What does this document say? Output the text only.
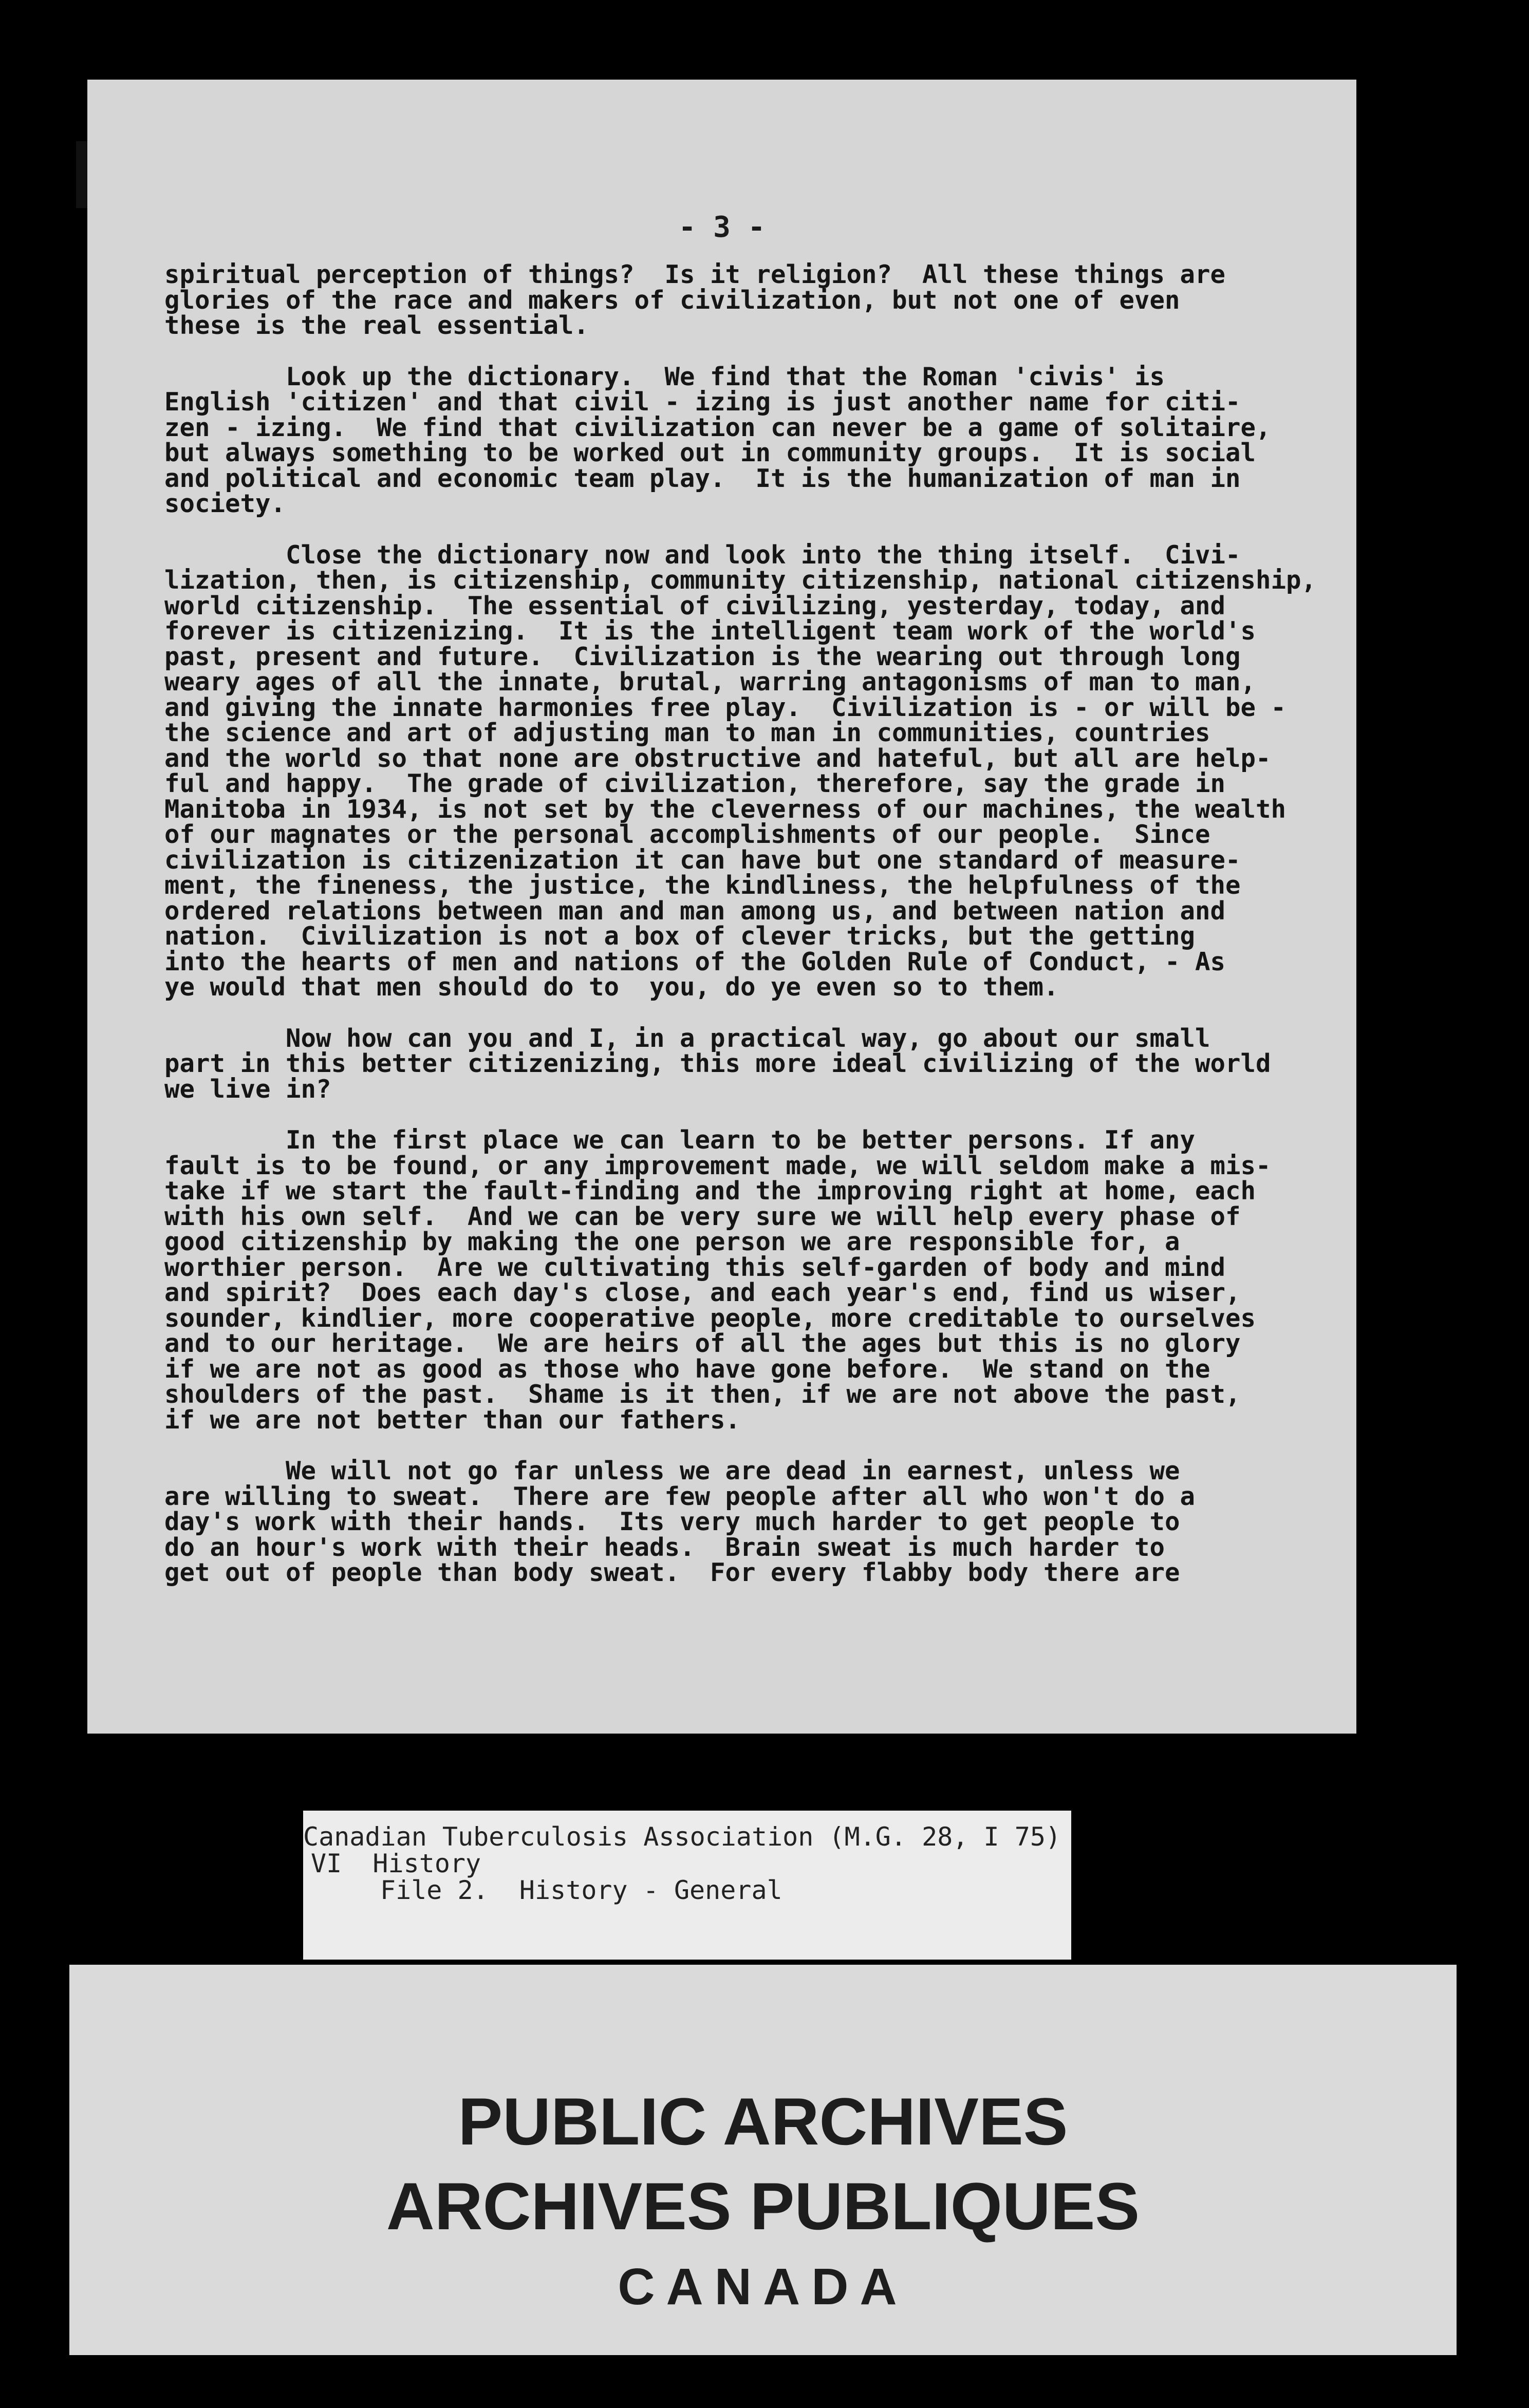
- 3 -
spiritual perception of things?  Is it religion?  All these things are
glories of the race and makers of civilization, but not one of even
these is the real essential.
Look up the dictionary.  We find that the Roman 'civis' is
English 'citizen' and that civil - izing is just another name for citi-
zen - izing.  We find that civilization can never be a game of solitaire,
but always something to be worked out in community groups.  It is social
and political and economic team play.  It is the humanization of man in
society.
Close the dictionary now and look into the thing itself.  Civi-
lization, then, is citizenship, community citizenship, national citizenship,
world citizenship.  The essential of civilizing, yesterday, today, and
forever is citizenizing.  It is the intelligent team work of the world's
past, present and future.  Civilization is the wearing out through long
weary ages of all the innate, brutal, warring antagonisms of man to man,
and giving the innate harmonies free play.  Civilization is - or will be -
the science and art of adjusting man to man in communities, countries
and the world so that none are obstructive and hateful, but all are help-
ful and happy.  The grade of civilization, therefore, say the grade in
Manitoba in 1934, is not set by the cleverness of our machines, the wealth
of our magnates or the personal accomplishments of our people.  Since
civilization is citizenization it can have but one standard of measure-
ment, the fineness, the justice, the kindliness, the helpfulness of the
ordered relations between man and man among us, and between nation and
nation.  Civilization is not a box of clever tricks, but the getting
into the hearts of men and nations of the Golden Rule of Conduct, - As
ye would that men should do to  you, do ye even so to them.
Now how can you and I, in a practical way, go about our small
part in this better citizenizing, this more ideal civilizing of the world
we live in?
In the first place we can learn to be better persons. If any
fault is to be found, or any improvement made, we will seldom make a mis-
take if we start the fault-finding and the improving right at home, each
with his own self.  And we can be very sure we will help every phase of
good citizenship by making the one person we are responsible for, a
worthier person.  Are we cultivating this self-garden of body and mind
and spirit?  Does each day's close, and each year's end, find us wiser,
sounder, kindlier, more cooperative people, more creditable to ourselves
and to our heritage.  We are heirs of all the ages but this is no glory
if we are not as good as those who have gone before.  We stand on the
shoulders of the past.  Shame is it then, if we are not above the past,
if we are not better than our fathers.
We will not go far unless we are dead in earnest, unless we
are willing to sweat.  There are few people after all who won't do a
day's work with their hands.  Its very much harder to get people to
do an hour's work with their heads.  Brain sweat is much harder to
get out of people than body sweat.  For every flabby body there are
Canadian Tuberculosis Association (M.G. 28, I 75)
VI  History
File 2.  History - General
PUBLIC ARCHIVES
ARCHIVES PUBLIQUES
CANADA
